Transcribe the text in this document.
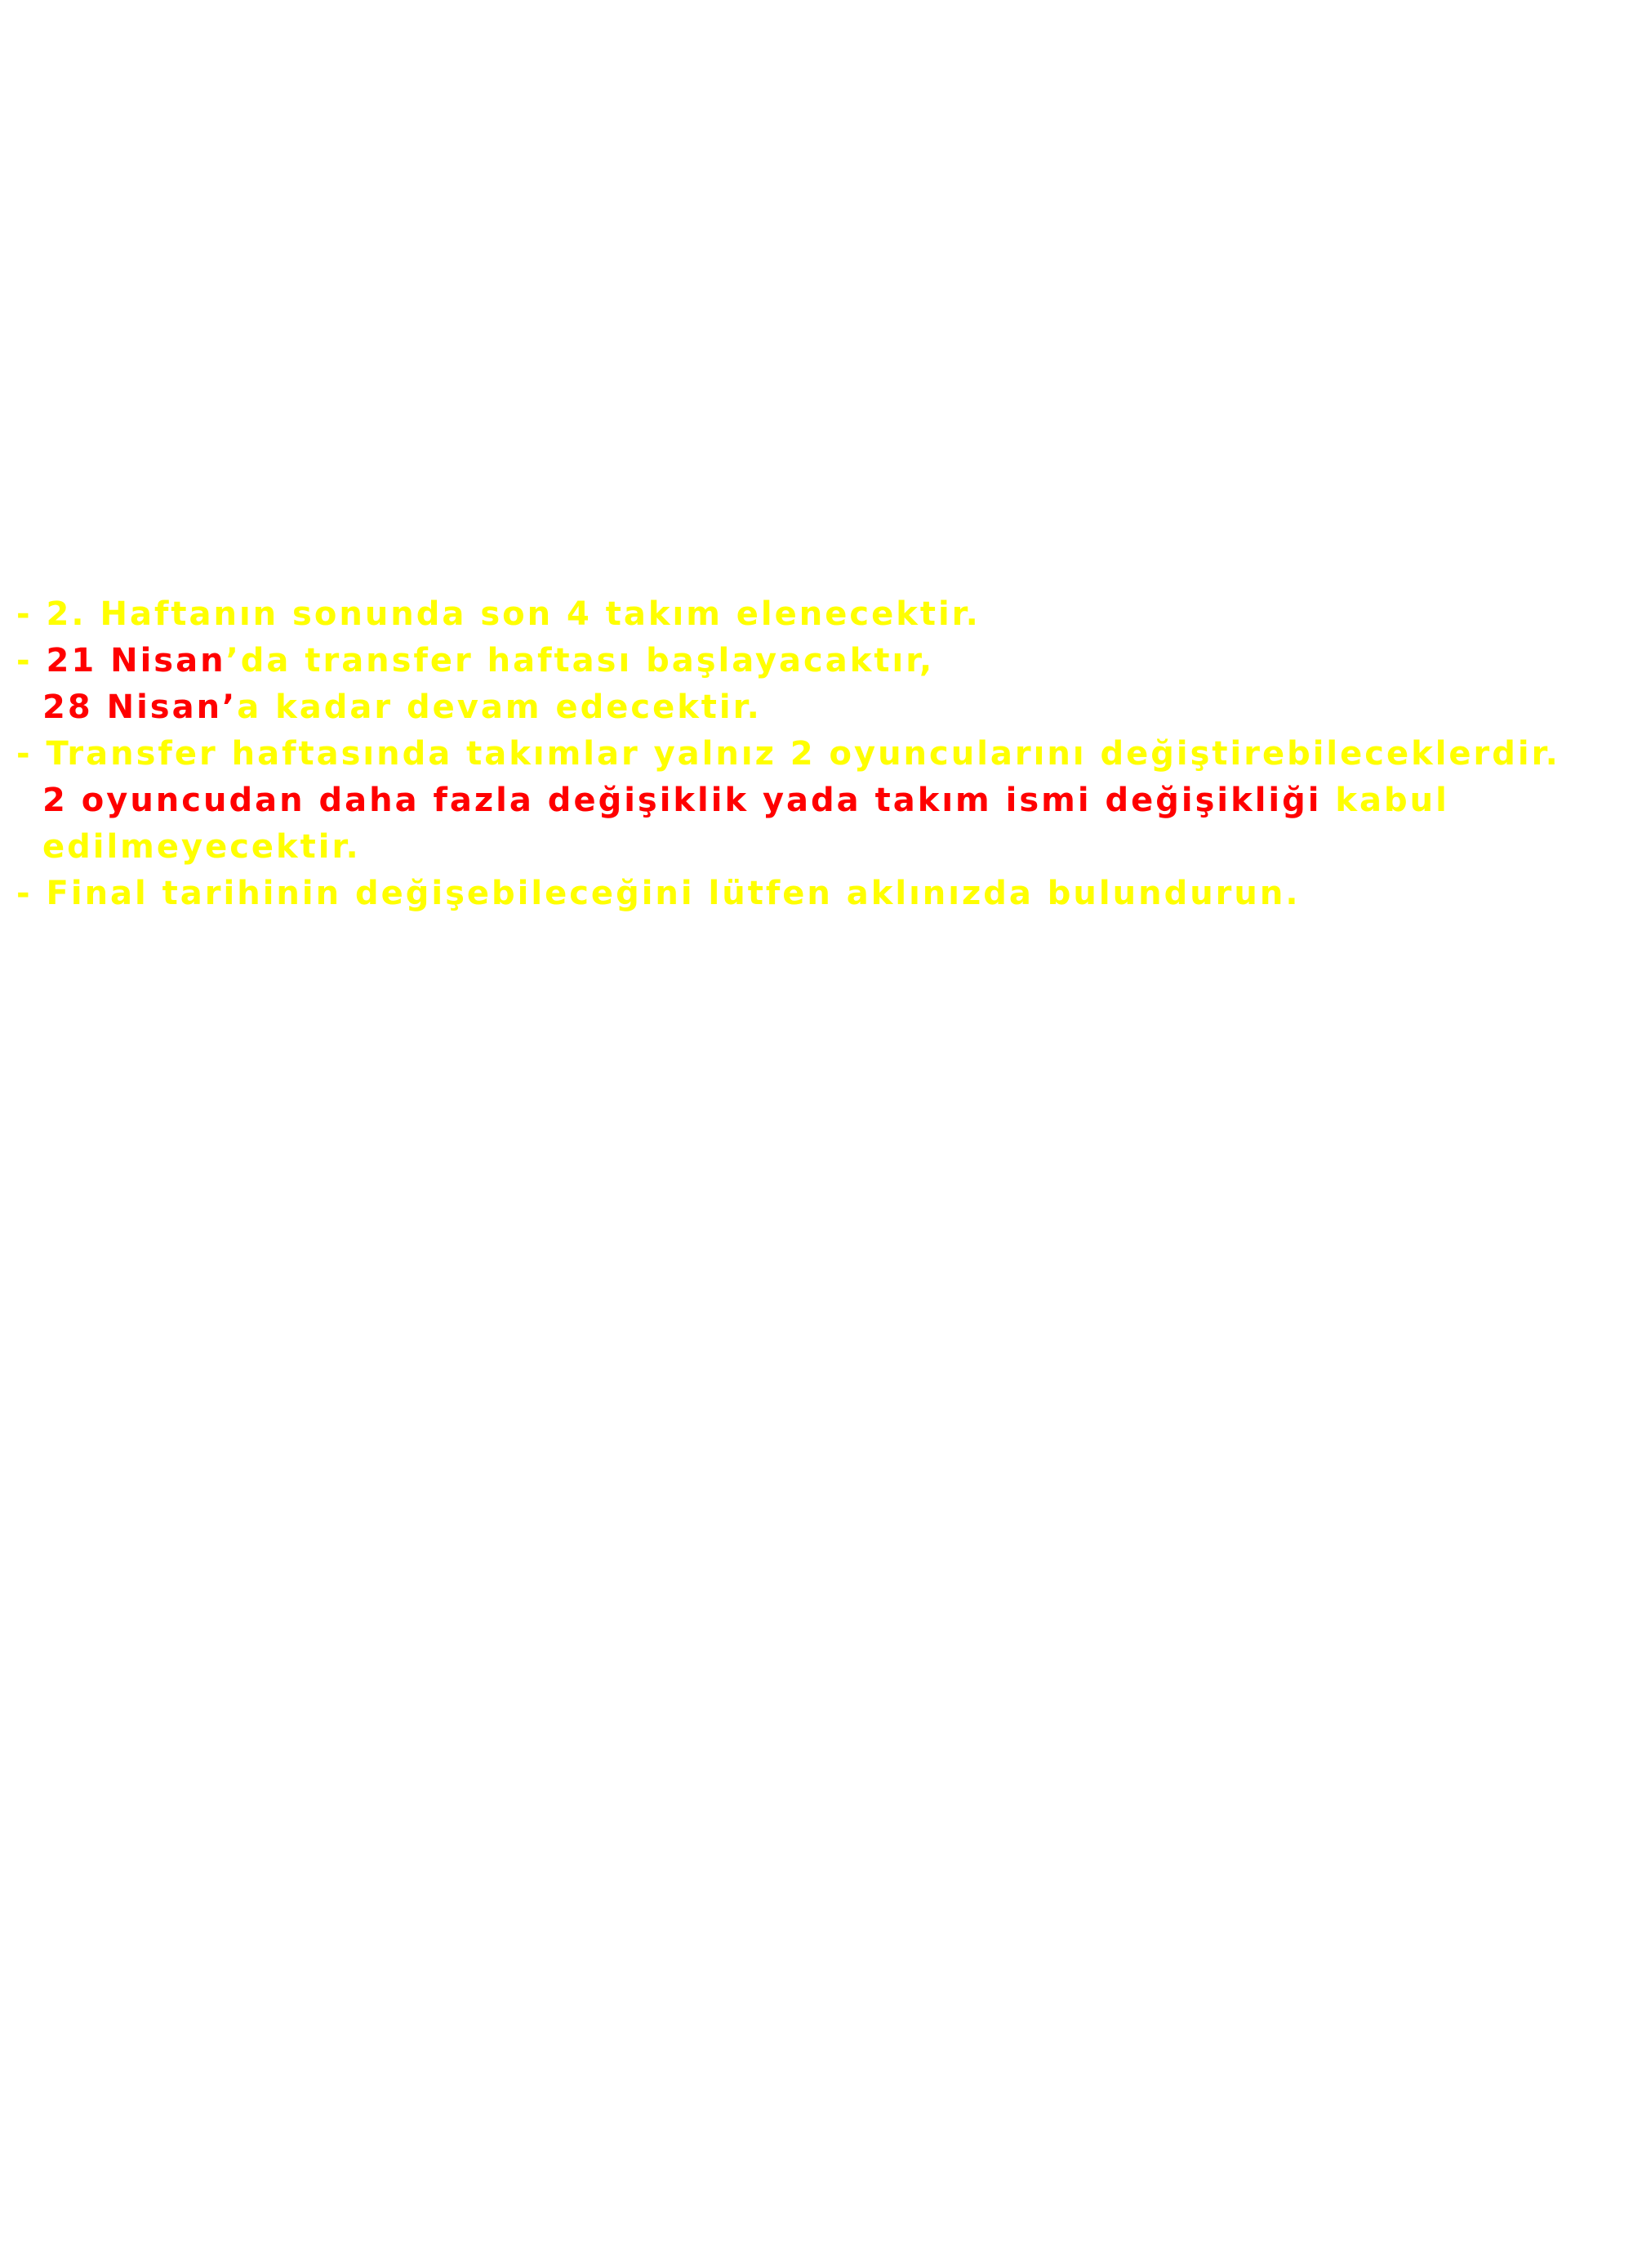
- 2. Haftanın sonunda son 4 takım elenecektir.
- 21 Nisan’da transfer haftası başlayacaktır,
28 Nisan’a kadar devam edecektir.
- Transfer haftasında takımlar yalnız 2 oyuncularını değiştirebileceklerdir.
2 oyuncudan daha fazla değişiklik yada takım ismi değişikliği kabul
edilmeyecektir.
- Final tarihinin değişebileceğini lütfen aklınızda bulundurun.
